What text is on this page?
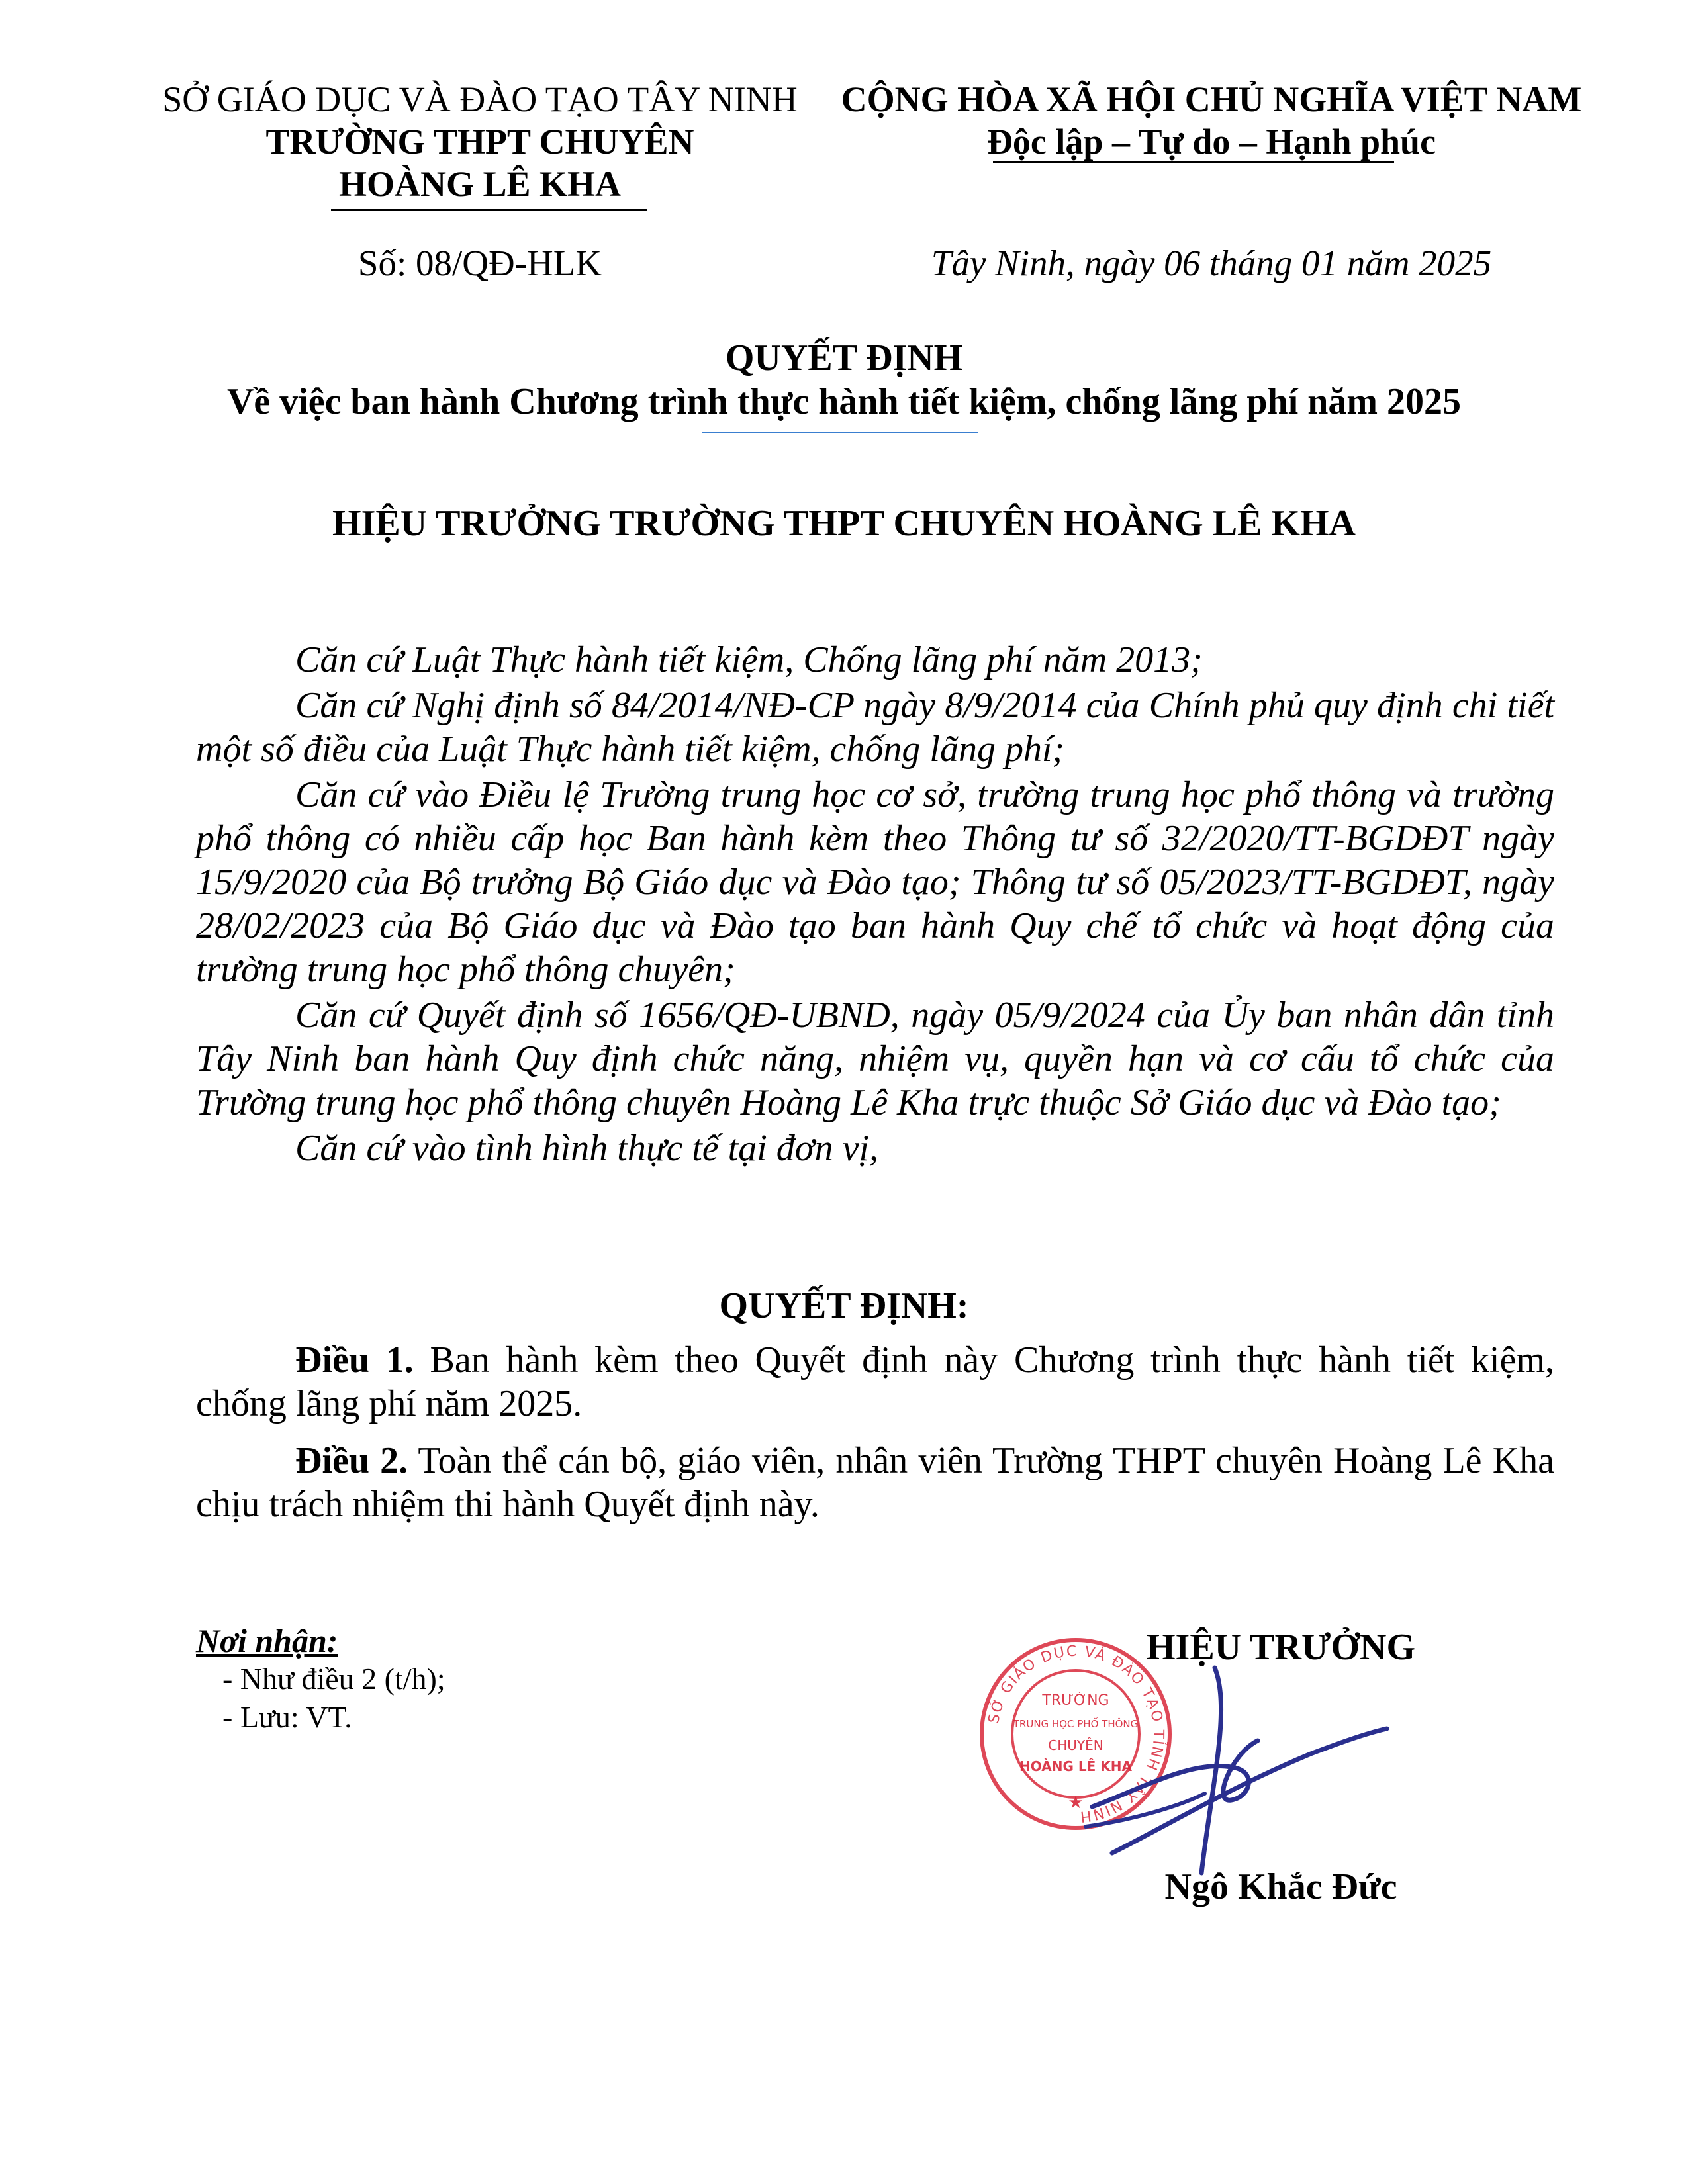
SỞ GIÁO DỤC VÀ ĐÀO TẠO TÂY NINH
TRƯỜNG THPT CHUYÊN
HOÀNG LÊ KHA
CỘNG HÒA XÃ HỘI CHỦ NGHĨA VIỆT NAM
Độc lập – Tự do – Hạnh phúc
Số: 08/QĐ-HLK	Tây Ninh, ngày 06 tháng 01 năm 2025
QUYẾT ĐỊNH
Về việc ban hành Chương trình thực hành tiết kiệm, chống lãng phí năm 2025
HIỆU TRƯỞNG TRƯỜNG THPT CHUYÊN HOÀNG LÊ KHA

Căn cứ Luật Thực hành tiết kiệm, Chống lãng phí năm 2013;

Căn cứ Nghị định số 84/2014/NĐ-CP ngày 8/9/2014 của Chính phủ quy định chi tiết một số điều của Luật Thực hành tiết kiệm, chống lãng phí;

Căn cứ vào Điều lệ Trường trung học cơ sở, trường trung học phổ thông và trường phổ thông có nhiều cấp học Ban hành kèm theo Thông tư số 32/2020/TT-BGDĐT ngày 15/9/2020 của Bộ trưởng Bộ Giáo dục và Đào tạo; Thông tư số 05/2023/TT-BGDĐT, ngày 28/02/2023 của Bộ Giáo dục và Đào tạo ban hành Quy chế tổ chức và hoạt động của trường trung học phổ thông chuyên;

Căn cứ Quyết định số 1656/QĐ-UBND, ngày 05/9/2024 của Ủy ban nhân dân tỉnh Tây Ninh ban hành Quy định chức năng, nhiệm vụ, quyền hạn và cơ cấu tổ chức của Trường trung học phổ thông chuyên Hoàng Lê Kha trực thuộc Sở Giáo dục và Đào tạo;

Căn cứ vào tình hình thực tế tại đơn vị,

QUYẾT ĐỊNH:

Điều 1. Ban hành kèm theo Quyết định này Chương trình thực hành tiết kiệm, chống lãng phí năm 2025.

Điều 2. Toàn thể cán bộ, giáo viên, nhân viên Trường THPT chuyên Hoàng Lê Kha chịu trách nhiệm thi hành Quyết định này.

Nơi nhận:
- Như điều 2 (t/h);
- Lưu: VT.	SỞ GIÁO DỤC VÀ ĐÀO TẠO TỈNH TÂY NINH
TRƯỜNG
TRUNG HỌC PHỔ THÔNG
CHUYÊN
HOÀNG LÊ KHA
★
HIỆU TRƯỞNG
Ngô Khắc Đức
